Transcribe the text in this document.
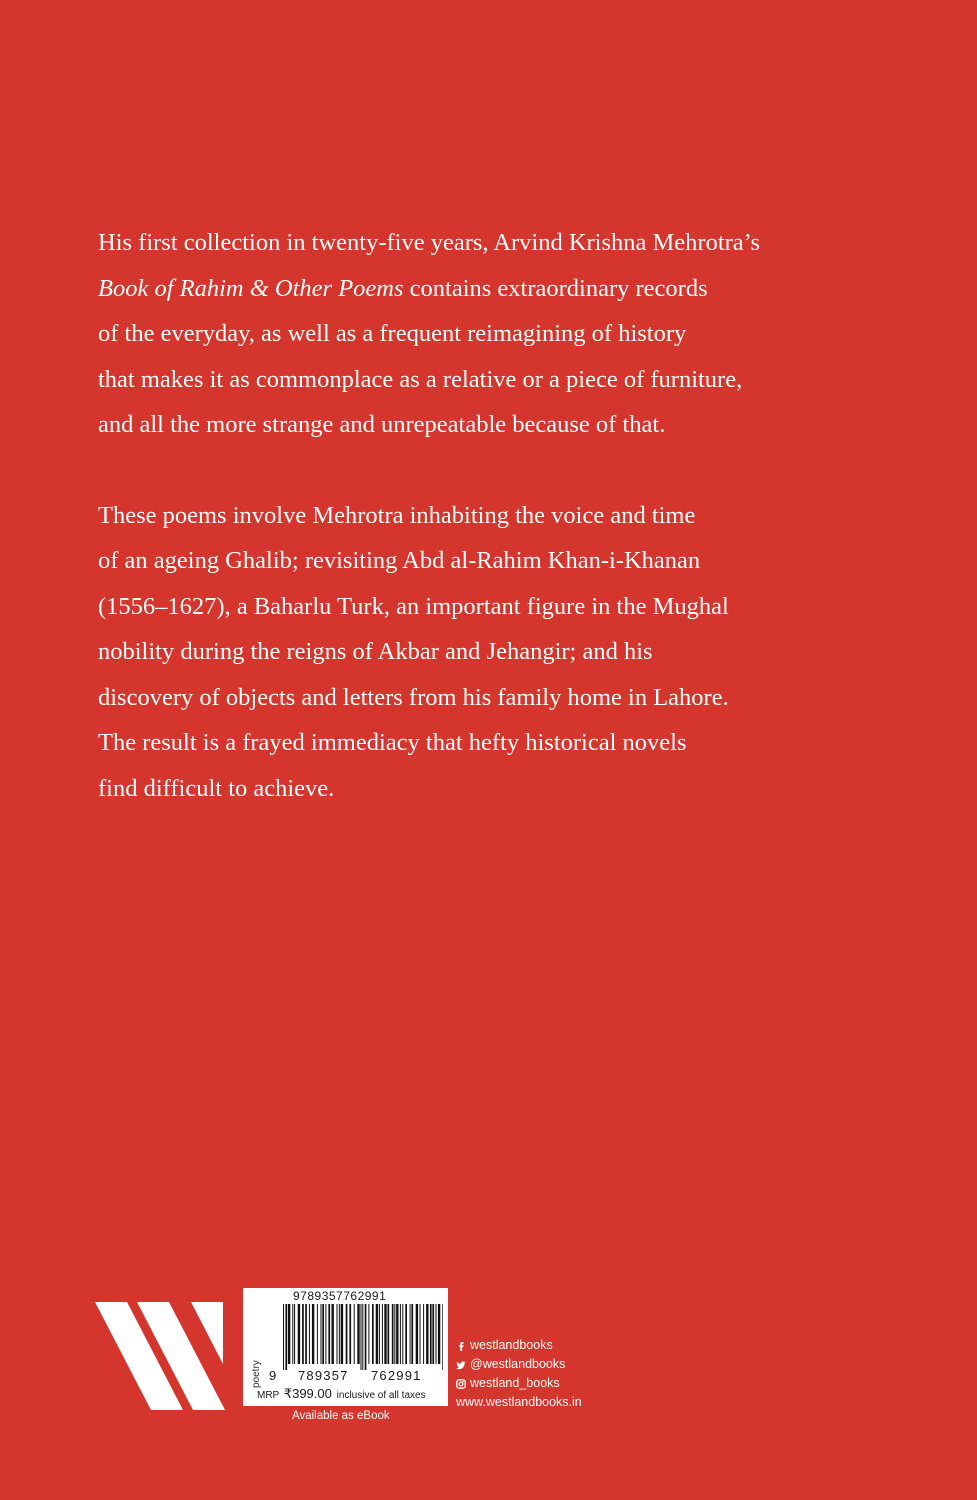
His first collection in twenty-five years, Arvind Krishna Mehrotra’s
Book of Rahim & Other Poems contains extraordinary records
of the everyday, as well as a frequent reimagining of history
that makes it as commonplace as a relative or a piece of furniture,
and all the more strange and unrepeatable because of that.

These poems involve Mehrotra inhabiting the voice and time
of an ageing Ghalib; revisiting Abd al-Rahim Khan-i-Khanan
(1556–1627), a Baharlu Turk, an important figure in the Mughal
nobility during the reigns of Akbar and Jehangir; and his
discovery of objects and letters from his family home in Lahore.
The result is a frayed immediacy that hefty historical novels
find difficult to achieve.

poetry
9789357762991
9 789357 762991
MRP ₹399.00 inclusive of all taxes
Available as eBook
westlandbooks
@westlandbooks
westland_books
www.westlandbooks.in
